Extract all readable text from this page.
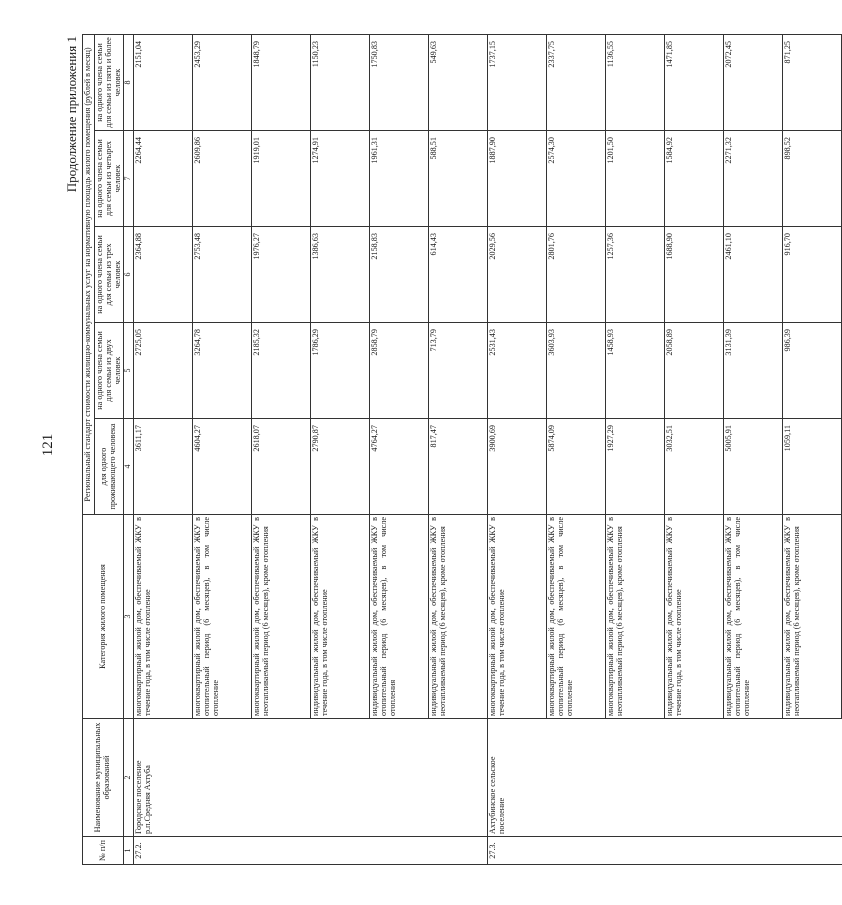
121
Продолжение приложения 1
№ п/п	Наименование муниципальных образований	Категория жилого помещения	Региональный стандарт стоимости жилищно-коммунальных услуг на нормативную площадь жилого помещения (рублей в месяц)				
			для одного проживающего человека	на одного члена семьи для семьи из двух человек	на одного члена семьи для семьи из трех человек	на одного члена семьи для семьи из четырех человек	на одного члена семьи для семьи из пяти и более человек
1	2	3	4	5	6	7	8
27.2.	Городское поселение р.п.Средняя Ахтуба	многоквартирный жилой дом, обеспечиваемый ЖКУ в течение года, в том числе отопление	3611,17	2725,05	2364,88	2264,44	2151,04
		многоквартирный жилой дом, обеспечиваемый ЖКУ в отопительный период (6 месяцев), в том числе отопление	4604,27	3264,78	2753,48	2609,86	2453,29
		многоквартирный жилой дом, обеспечиваемый ЖКУ в неотапливаемый период (6 месяцев), кроме отопления	2618,07	2185,32	1976,27	1919,01	1848,79
		индивидуальный жилой дом, обеспечиваемый ЖКУ в течение года, в том числе отопление	2790,87	1786,29	1386,63	1274,91	1150,23
		индивидуальный жилой дом, обеспечиваемый ЖКУ в отопительный период (6 месяцев), в том числе отопления	4764,27	2858,79	2158,83	1961,31	1750,83
		индивидуальный жилой дом, обеспечиваемый ЖКУ в неотапливаемый период (6 месяцев), кроме отопления	817,47	713,79	614,43	588,51	549,63
27.3.	Ахтубинское сельское поселение	многоквартирный жилой дом, обеспечиваемый ЖКУ в течение года, в том числе отопление	3900,69	2531,43	2029,56	1887,90	1737,15
		многоквартирный жилой дом, обеспечиваемый ЖКУ в отопительный период (6 месяцев), в том числе отопление	5874,09	3603,93	2801,76	2574,30	2337,75
		многоквартирный жилой дом, обеспечиваемый ЖКУ в неотапливаемый период (6 месяцев), кроме отопления	1927,29	1458,93	1257,36	1201,50	1136,55
		индивидуальный жилой дом, обеспечиваемый ЖКУ в течение года, в том числе отопление	3032,51	2058,89	1688,90	1584,92	1471,85
		индивидуальный жилой дом, обеспечиваемый ЖКУ в отопительный период (6 месяцев), в том числе отопление	5005,91	3131,39	2461,10	2271,32	2072,45
		индивидуальный жилой дом, обеспечиваемый ЖКУ в неотапливаемый период (6 месяцев), кроме отопления	1059,11	986,39	916,70	898,52	871,25
